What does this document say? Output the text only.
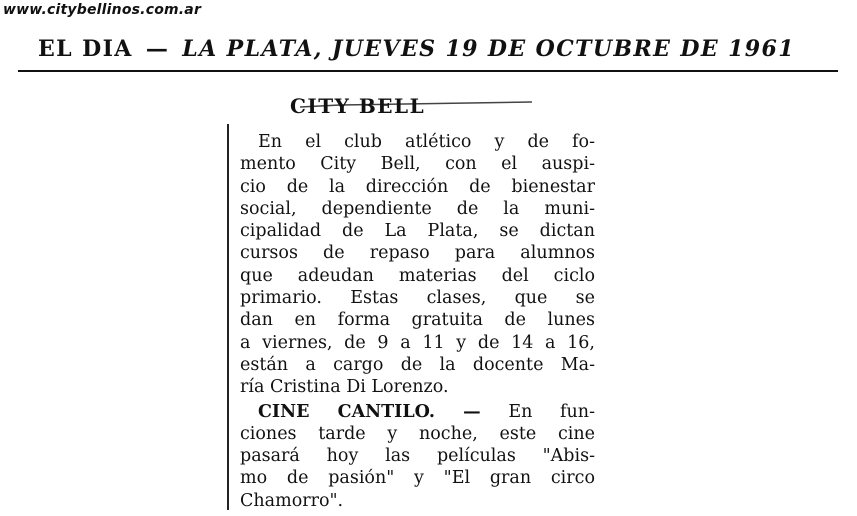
www.citybellinos.com.ar
EL DIA — LA PLATA, JUEVES 19 DE OCTUBRE DE 1961
CITY BELL
En el club atlético y de fo-
mento City Bell, con el auspi-
cio de la dirección de bienestar
social, dependiente de la muni-
cipalidad de La Plata, se dictan
cursos de repaso para alumnos
que adeudan materias del ciclo
primario. Estas clases, que se
dan en forma gratuita de lunes
a viernes, de 9 a 11 y de 14 a 16,
están a cargo de la docente Ma-
ría Cristina Di Lorenzo.
CINE CANTILO. — En fun-
ciones tarde y noche, este cine
pasará hoy las películas "Abis-
mo de pasión" y "El gran circo
Chamorro".
